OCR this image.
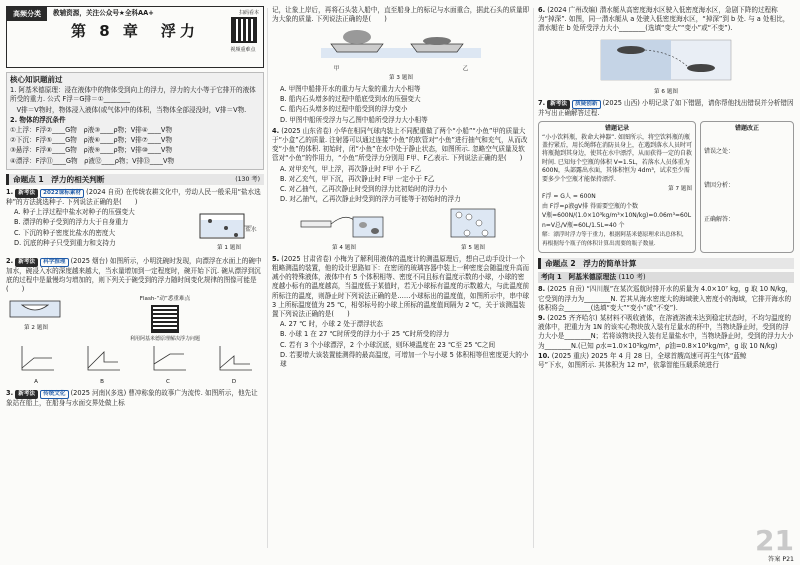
高频分类	教辅资源，关注公众号★全科AA+
第 8 章　浮力
扫码看本
视频重难点
核心知识题前过

1. 阿基米德原理：浸在液体中的物体受到向上的浮力，浮力的大小等于它排开的液体所受的重力. 公式 F浮＝G排＝①________

　V排＝V物时，物体浸入液体(或气体)中的体积，当物体全部浸没时，V排＝V物.

2. 物体的浮沉条件

①上浮：F浮②____G物　ρ液③____ρ物；V排④____V物

②下沉：F浮⑤____G物　ρ液⑥____ρ物；V排⑦____V物

③悬浮：F浮⑧____G物　ρ液⑨____ρ物；V排⑩____V物

④漂浮：F浮⑪____G物　ρ液⑫____ρ物；V排⑬____V物

命题点 1　浮力的相关判断	(130 考)

1. 新考法 2022课标素材 (2024 自贡) 在传统农耕文化中，劳动人民一般采用“盐水选种”的方法挑选种子. 下列说法正确的是(　　)

A. 种子上浮过程中盐水对种子的压强变大

B. 漂浮的种子受到的浮力大于自身重力

C. 下沉的种子密度比盐水的密度大

D. 沉底的种子只受到重力和支持力

盐水
第 1 题图

2. 新考法 科学推理 (2025 烟台) 如图所示，小明洗碗时发现，向漂浮在水面上的碗中加水，碗浸入水的深度越来越大，当水量增加到一定程度时，碗开始下沉. 碗从漂浮到沉底的过程中是量慢均匀增加的，则下列关于碗受到的浮力随时间变化规律的图像可能是(　　)

第 2 题图
Flash-“动”悉重难点
利用阿基米德原理解决浮力问题
A	B	C	D

3. 新考法 传统文化 (2025 河南)(多选) 曹冲称象的故事广为流传. 如图所示，他先让象站在船上，在船身与水面交界处做上标

记，让象上岸后，再将石头装入船中，直至船身上的标记与水面重合，据此石头的质量即为大象的质量. 下列说法正确的是(　　)

甲	乙
第 3 题图

A. 甲图中船排开水的重力与大象的重力大小相等

B. 船内石头增多的过程中船底受到水的压强变大

C. 船内石头增多的过程中船受到的浮力变小

D. 甲图中船所受浮力与乙图中船所受浮力大小相等

4. (2025 山东省卷) 小华在相同气球内装上不同配重做了两个“小船”“小鱼”甲的质量大于“小盒”乙的质量. 注射器可以通过连接“小鱼”的软管对“小鱼”进行抽气和充气，从而改变“小鱼”的体积. 初始时，闭“小鱼”在水中处于静止状态，如图所示. 忽略空气质量及软管对“小鱼”的作用力，“小鱼”所受浮力分别用 F甲、F乙表示. 下列说法正确的是(　　)

A. 对甲充气，甲上浮，再次静止时 F甲 小于 F乙

B. 对乙充气，甲下沉，再次静止时 F甲 一定小于 F乙

C. 对乙抽气，乙再次静止时受到的浮力比初始时的浮力小

D. 对乙抽气，乙再次静止时受到的浮力可能等于初始时的浮力

第 4 题图	第 5 题图

5. (2025 甘肃省卷) 小梅为了解利用液体的温度计的测温原理后，想自己动手设计一个粗略测温的装置，他的设计思路如下：在密闭的玻璃容器中装上一种密度会随温度升高而减小的特殊液体，液体中有 5 个体积相等、密度不同且标有温度示数的小球，小球的密度越小标有的温度越高，当温度低于某值时，若无小球标有温度的示数越大，与此温度前所标注的温度，则静止时下列说法正确的是……小球标出的温度值，如图所示中，串中球 3 上所标温度值为 25 ℃，相邻标号的小球上所标的温度值间隔为 2 ℃，关于该测温装置下列说法正确的是(　　)

A. 27 ℃ 时，小球 2 处于漂浮状态

B. 小球 1 在 27 ℃时所受的浮力小于 25 ℃时所受的浮力

C. 若有 3 个小球漂浮，2 个小球沉底，则环境温度在 23 ℃至 25 ℃之间

D. 若要增大该装置能测得的最高温度，可增加一个与小球 5 体积相等但密度更大的小球

6. (2024 广州改编) 潜水艇从高密度海水区驶入低密度海水区，急剧下降的过程称为“掉深”. 如图，同一潜水艇从 a 处驶入低密度海水区，“掉深”到 b 处. 与 a 处相比，潜水艇在 b 处所受浮力大小________(选填“变大”“变小”或“不变”).

第 6 题图

7. 新考法 质疑创新 (2025 山西) 小明记录了如下错题，请你帮他找出错误并分析错因并写出正确解答过程.

错题记录

“小小饮料瓶，救命大神器”. 如图所示，将空饮料瓶的瓶盖拧紧后，用长绳绑在消防员身上，在遇到落水人员时可将瓶抛到其身边，使其在水中漂浮，从而获得一定的自救时间. 已知每个空瓶的体积 V=1.5L，若落水人员体重为 600N，头部露出水面，其体积恒为 4dm³，试求至少需要多少个空瓶才能保持漂浮.

第 7 题图

F浮 = G人 = 600N

由 F浮=ρ液gV排 得需要空瓶的个数

V瓶=600N/(1.0×10³kg/m³×10N/kg)=0.06m³=60L

n=V总/V瓶=60L/1.5L=40 个

解：漂浮时浮力等于重力，根据阿基米德原理求出总体积，再根据每个瓶子的体积计算出需要的瓶子数量.

错题改正

错误之处：

错因分析：

正确解答：

命题点 2　浮力的简单计算
考向 1　阿基米德原理法 (110 考)

8. (2025 自贡) “四川舰”在某次巡航时排开水的质量为 4.0×10⁷ kg，g 取 10 N/kg，它受到的浮力为________N. 若其从海水密度大的海域驶入密度小的海域，它排开海水的体积将会________(选填“变大”“变小”或“不变”).

9. (2025 齐齐哈尔) 某材料不吸收液体，在溶液溶液未达到稳定状态时，不均匀温度的液体中，把重力为 1N 的该实心物块放入装有足量水的杯中，当物块静止时，受到的浮力大小是________N；若将该物块投入装有足量盐水中，当物块静止时，受到的浮力大小为________N.(已知 ρ水=1.0×10³kg/m³，ρ油=0.8×10³kg/m³，g 取 10 N/kg)

10. (2025 重庆) 2025 年 4 月 28 日，全球首艘高速可再生气体“蓝鲸号”下水，如图所示. 其体积为 12 m³，依靠智能压载系统进行

21
答案 P21
